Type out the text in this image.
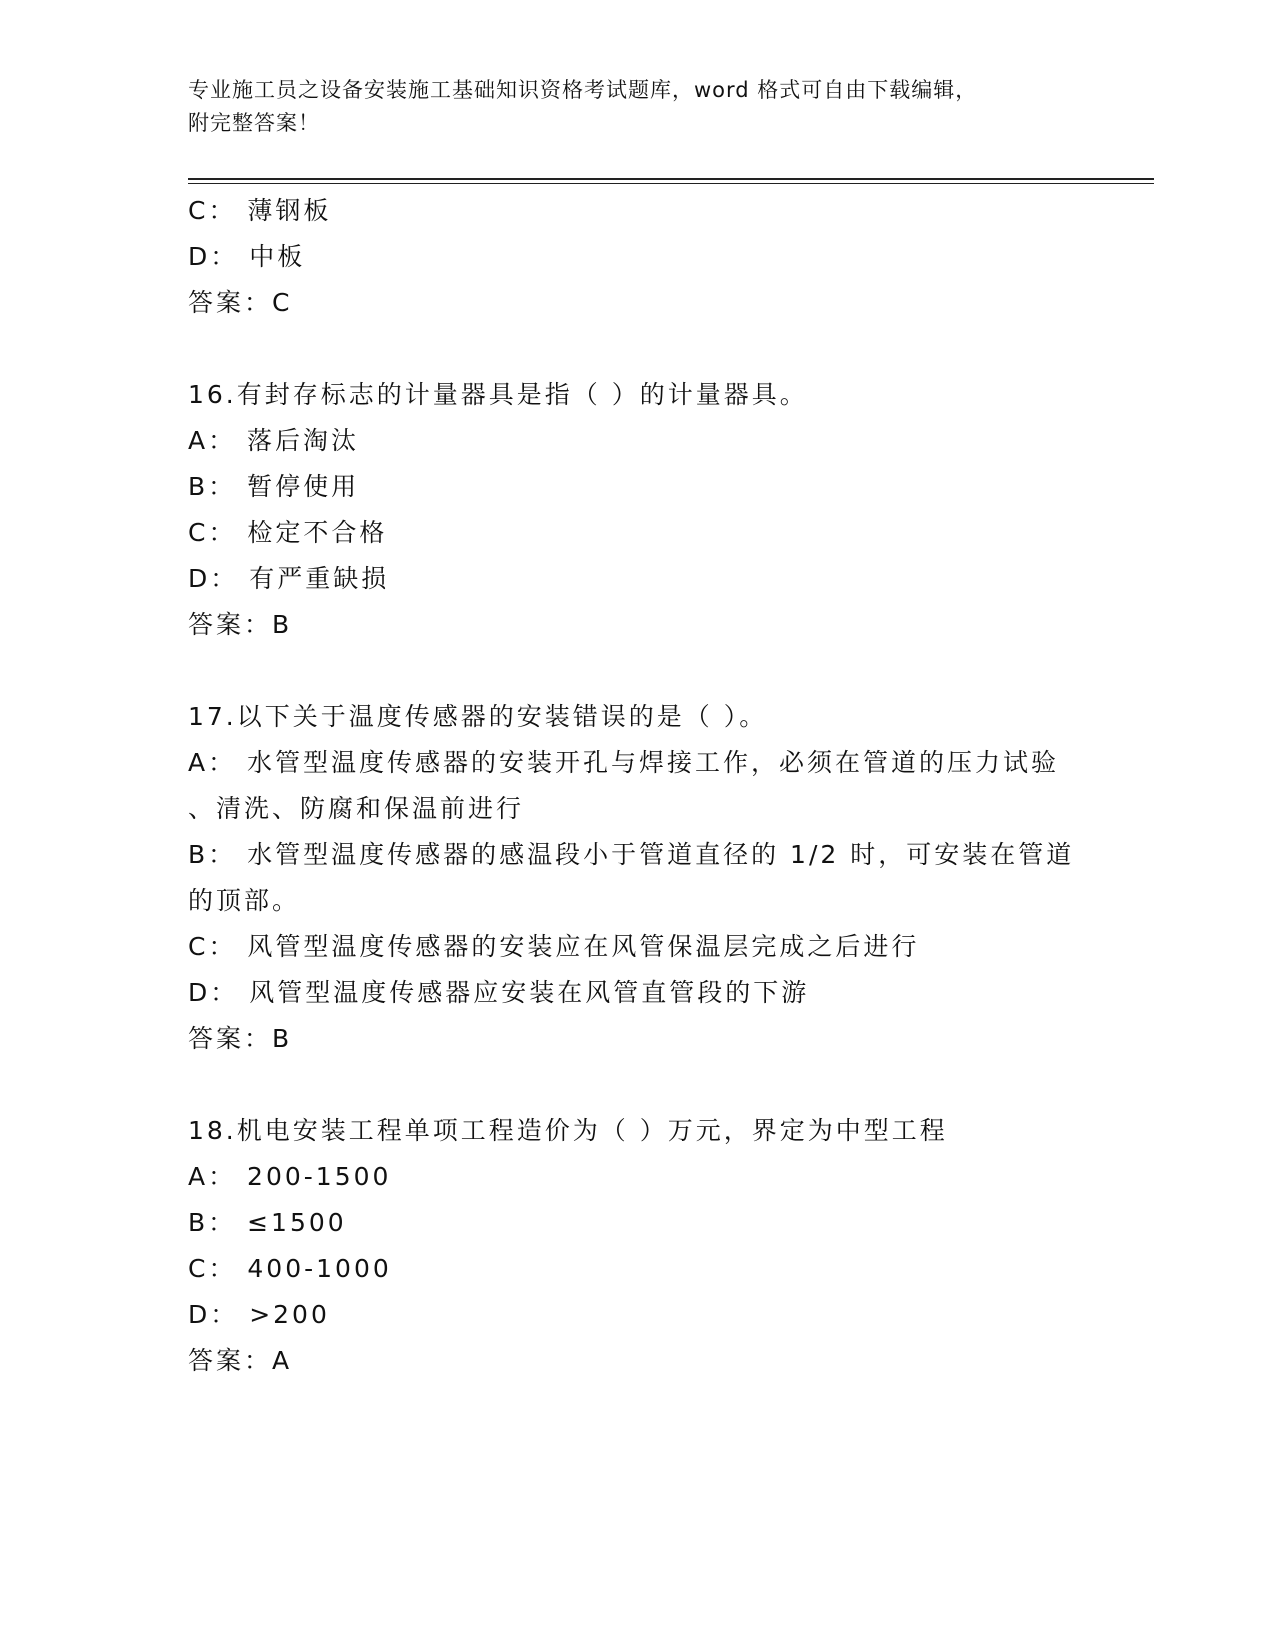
专业施工员之设备安装施工基础知识资格考试题库，word 格式可自由下载编辑，
附完整答案！
C： 薄钢板
D： 中板
答案：C
16.有封存标志的计量器具是指（ ）的计量器具。
A： 落后淘汰
B： 暂停使用
C： 检定不合格
D： 有严重缺损
答案：B
17.以下关于温度传感器的安装错误的是（ ）。
A： 水管型温度传感器的安装开孔与焊接工作，必须在管道的压力试验
、清洗、防腐和保温前进行
B： 水管型温度传感器的感温段小于管道直径的 1/2 时，可安装在管道
的顶部。
C： 风管型温度传感器的安装应在风管保温层完成之后进行
D： 风管型温度传感器应安装在风管直管段的下游
答案：B
18.机电安装工程单项工程造价为（ ）万元，界定为中型工程
A： 200-1500
B： ≤1500
C： 400-1000
D： >200
答案：A
